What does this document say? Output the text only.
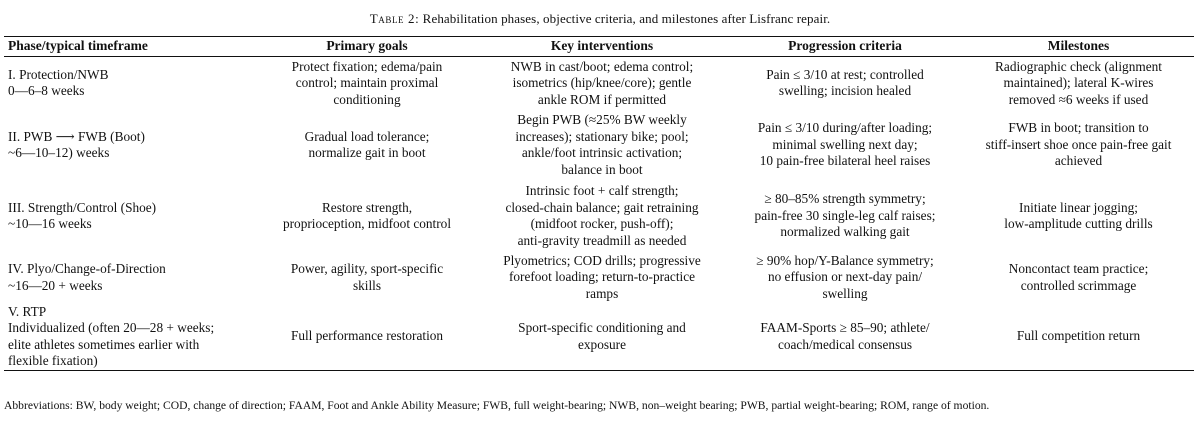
Table 2: Rehabilitation phases, objective criteria, and milestones after Lisfranc repair.
Phase/typical timeframe	Primary goals	Key interventions	Progression criteria	Milestones

I. Protection/NWB
0—6–8 weeks	Protect fixation; edema/pain
control; maintain proximal
conditioning	NWB in cast/boot; edema control;
isometrics (hip/knee/core); gentle
ankle ROM if permitted	Pain ≤ 3/10 at rest; controlled
swelling; incision healed	Radiographic check (alignment
maintained); lateral K-wires
removed ≈6 weeks if used

II. PWB ⟶ FWB (Boot)
~6—10–12) weeks	Gradual load tolerance;
normalize gait in boot	Begin PWB (≈25% BW weekly
increases); stationary bike; pool;
ankle/foot intrinsic activation;
balance in boot	Pain ≤ 3/10 during/after loading;
minimal swelling next day;
10 pain-free bilateral heel raises	FWB in boot; transition to
stiff-insert shoe once pain-free gait
achieved

III. Strength/Control (Shoe)
~10—16 weeks	Restore strength,
proprioception, midfoot control	Intrinsic foot + calf strength;
closed-chain balance; gait retraining
(midfoot rocker, push-off);
anti-gravity treadmill as needed	≥ 80–85% strength symmetry;
pain-free 30 single-leg calf raises;
normalized walking gait	Initiate linear jogging;
low-amplitude cutting drills

IV. Plyo/Change-of-Direction
~16—20 + weeks	Power, agility, sport-specific
skills	Plyometrics; COD drills; progressive
forefoot loading; return-to-practice
ramps	≥ 90% hop/Y-Balance symmetry;
no effusion or next-day pain/
swelling	Noncontact team practice;
controlled scrimmage

V. RTP
Individualized (often 20—28 + weeks;
elite athletes sometimes earlier with
flexible fixation)	Full performance restoration	Sport-specific conditioning and
exposure	FAAM-Sports ≥ 85–90; athlete/
coach/medical consensus	Full competition return
Abbreviations: BW, body weight; COD, change of direction; FAAM, Foot and Ankle Ability Measure; FWB, full weight-bearing; NWB, non–weight bearing; PWB, partial weight-bearing; ROM, range of motion.
